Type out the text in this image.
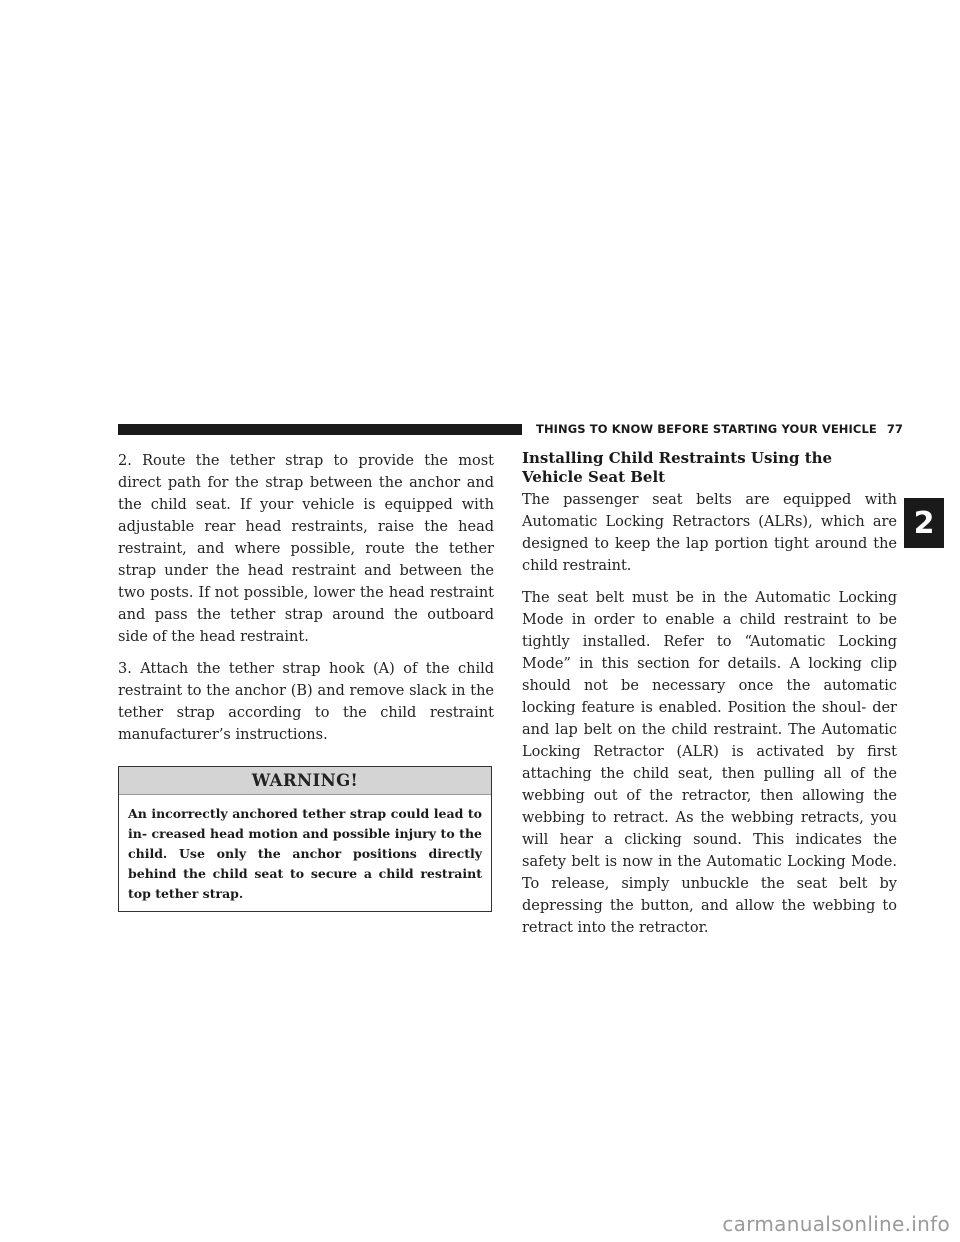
THINGS TO KNOW BEFORE STARTING YOUR VEHICLE 77
2

2. Route the tether strap to provide the most direct path for the strap between the anchor and the child seat. If your vehicle is equipped with adjustable rear head restraints, raise the head restraint, and where possible, route the tether strap under the head restraint and between the two posts. If not possible, lower the head restraint and pass the tether strap around the outboard side of the head restraint.

3. Attach the tether strap hook (A) of the child restraint to the anchor (B) and remove slack in the tether strap according to the child restraint manufacturer’s instructions.

WARNING!
An incorrectly anchored tether strap could lead to in- creased head motion and possible injury to the child. Use only the anchor positions directly behind the child seat to secure a child restraint top tether strap.
Installing Child Restraints Using the Vehicle Seat Belt

The passenger seat belts are equipped with Automatic Locking Retractors (ALRs), which are designed to keep the lap portion tight around the child restraint.

The seat belt must be in the Automatic Locking Mode in order to enable a child restraint to be tightly installed. Refer to “Automatic Locking Mode” in this section for details. A locking clip should not be necessary once the automatic locking feature is enabled. Position the shoul- der and lap belt on the child restraint. The Automatic Locking Retractor (ALR) is activated by first attaching the child seat, then pulling all of the webbing out of the retractor, then allowing the webbing to retract. As the webbing retracts, you will hear a clicking sound. This indicates the safety belt is now in the Automatic Locking Mode. To release, simply unbuckle the seat belt by depressing the button, and allow the webbing to retract into the retractor.

carmanualsonline.info
